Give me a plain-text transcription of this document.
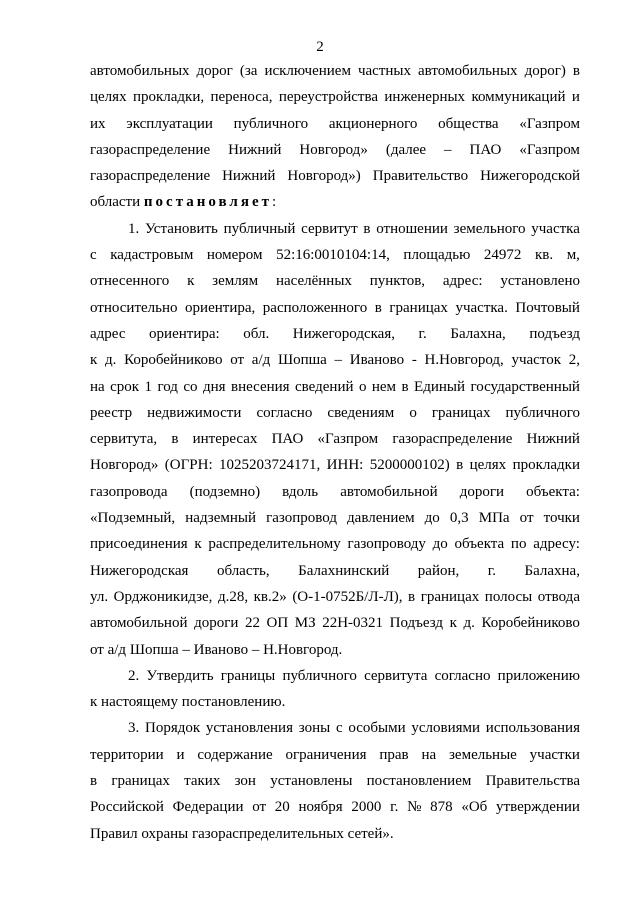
2
автомобильных дорог (за исключением частных автомобильных дорог) в
целях прокладки, переноса, переустройства инженерных коммуникаций и
их эксплуатации публичного акционерного общества «Газпром
газораспределение Нижний Новгород» (далее – ПАО «Газпром
газораспределение Нижний Новгород») Правительство Нижегородской
области постановляет :
1. Установить публичный сервитут в отношении земельного участка
с кадастровым номером 52:16:0010104:14, площадью 24972 кв. м,
отнесенного к землям населённых пунктов, адрес: установлено
относительно ориентира, расположенного в границах участка. Почтовый
адрес ориентира: обл. Нижегородская, г. Балахна, подъезд
к д. Коробейниково от а/д Шопша – Иваново - Н.Новгород, участок 2,
на срок 1 год со дня внесения сведений о нем в Единый государственный
реестр недвижимости согласно сведениям о границах публичного
сервитута, в интересах ПАО «Газпром газораспределение Нижний
Новгород» (ОГРН: 1025203724171, ИНН: 5200000102) в целях прокладки
газопровода (подземно) вдоль автомобильной дороги объекта:
«Подземный, надземный газопровод давлением до 0,3 МПа от точки
присоединения к распределительному газопроводу до объекта по адресу:
Нижегородская область, Балахнинский район, г. Балахна,
ул. Орджоникидзе, д.28, кв.2» (О-1-0752Б/Л-Л), в границах полосы отвода
автомобильной дороги 22 ОП МЗ 22Н-0321 Подъезд к д. Коробейниково
от а/д Шопша – Иваново – Н.Новгород.
2. Утвердить границы публичного сервитута согласно приложению
к настоящему постановлению.
3. Порядок установления зоны с особыми условиями использования
территории и содержание ограничения прав на земельные участки
в границах таких зон установлены постановлением Правительства
Российской Федерации от 20 ноября 2000 г. № 878 «Об утверждении
Правил охраны газораспределительных сетей».
